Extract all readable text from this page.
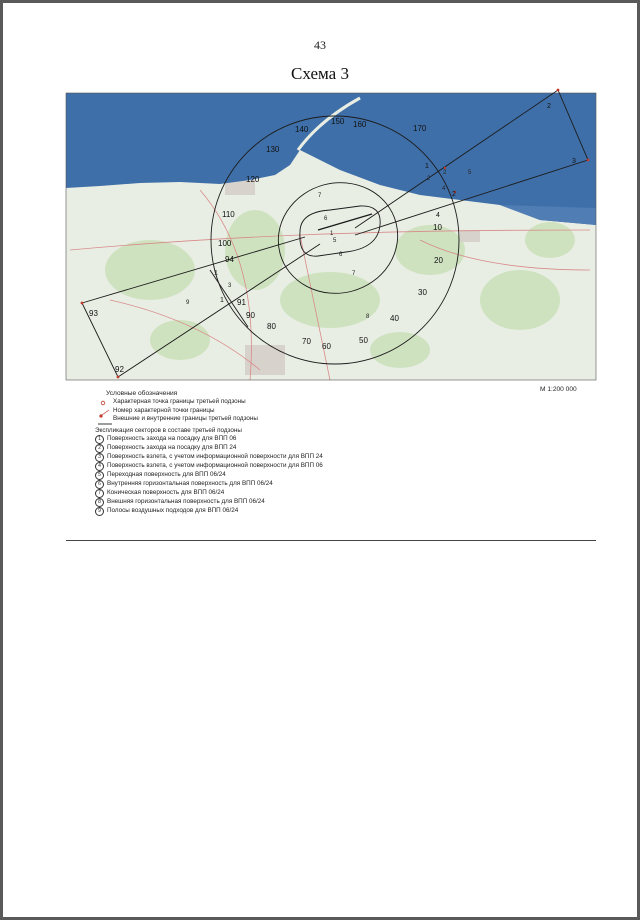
43
Схема 3
1
2
3
4
1
1
2
1
2
3
4
5
6
6
7
7
8
9
2
5
10
20
30
40
50
60
70
80
90
91
92
93
94
100
110
120
130
140
150 160	170
M 1:200 000
Условные обозначения
Характерная точка границы третьей подзоны
Номер характерной точки границы
Внешние и внутренние границы третьей подзоны
Экспликация секторов в составе третьей подзоны
1 Поверхность захода на посадку для ВПП 06
2 Поверхность захода на посадку для ВПП 24
3 Поверхность взлета, с учетом информационной поверхности для ВПП 24
4 Поверхность взлета, с учетом информационной поверхности для ВПП 06
5 Переходная поверхность для ВПП 06/24
6 Внутренняя горизонтальная поверхность для ВПП 06/24
7 Коническая поверхность для ВПП 06/24
8 Внешняя горизонтальная поверхность для ВПП 06/24
9 Полосы воздушных подходов для ВПП 06/24
